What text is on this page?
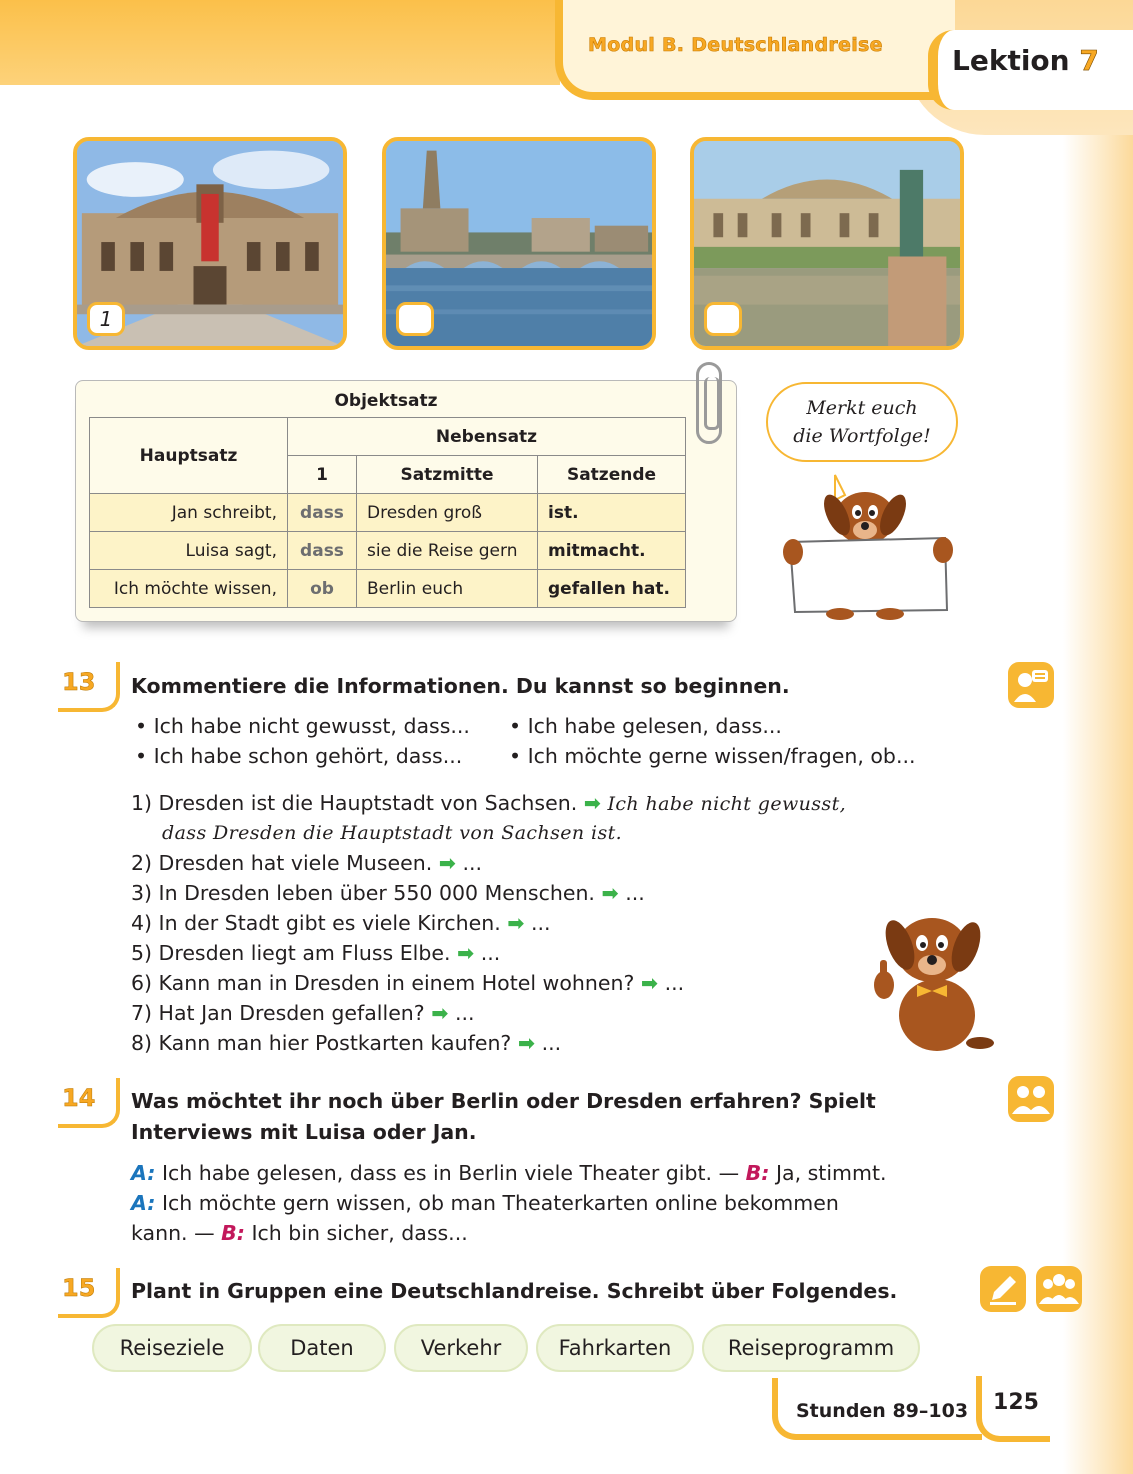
Modul B. Deutschlandreise Lektion 7
1
Objektsatz
Hauptsatz	Nebensatz		
	1	Satzmitte	Satzende
Jan schreibt,	dass	Dresden groß	ist.
Luisa sagt,	dass	sie die Reise gern	mitmacht.
Ich möchte wissen,	ob	Berlin euch	gefallen hat.
Merkt euch
die Wortfolge!
13	Kommentiere die Informationen. Du kannst so beginnen.
• Ich habe nicht gewusst, dass... • Ich habe gelesen, dass...
• Ich habe schon gehört, dass... • Ich möchte gerne wissen/fragen, ob...
1) Dresden ist die Hauptstadt von Sachsen. ➡ Ich habe nicht gewusst,
dass Dresden die Hauptstadt von Sachsen ist.
2) Dresden hat viele Museen. ➡ ...
3) In Dresden leben über 550 000 Menschen. ➡ ...
4) In der Stadt gibt es viele Kirchen. ➡ ...
5) Dresden liegt am Fluss Elbe. ➡ ...
6) Kann man in Dresden in einem Hotel wohnen? ➡ ...
7) Hat Jan Dresden gefallen? ➡ ...
8) Kann man hier Postkarten kaufen? ➡ ...
14	Was möchtet ihr noch über Berlin oder Dresden erfahren? Spielt
Interviews mit Luisa oder Jan.
A: Ich habe gelesen, dass es in Berlin viele Theater gibt. — B: Ja, stimmt.
A: Ich möchte gern wissen, ob man Theaterkarten online bekommen
kann. — B: Ich bin sicher, dass...
15	Plant in Gruppen eine Deutschlandreise. Schreibt über Folgendes.
Reiseziele	Daten	Verkehr	Fahrkarten	Reiseprogramm
Stunden 89–103	125
